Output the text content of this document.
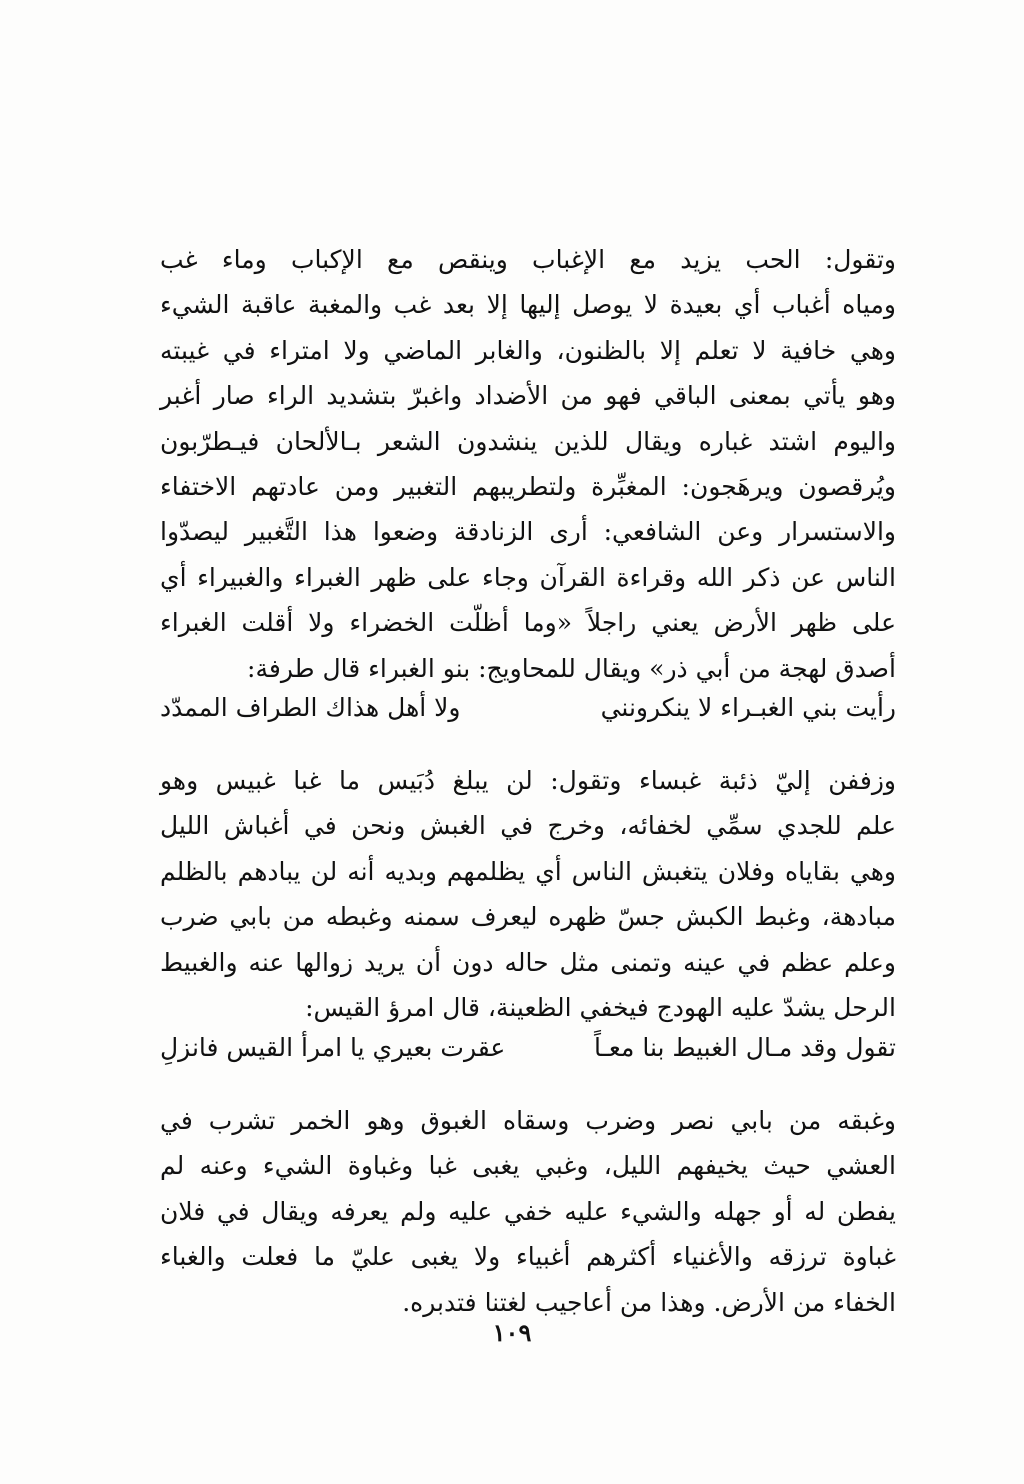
وتقول: الحب يزيد مع الإغباب وينقص مع الإكباب وماء غب
ومياه أغباب أي بعيدة لا يوصل إليها إلا بعد غب والمغبة عاقبة الشيء
وهي خافية لا تعلم إلا بالظنون، والغابر الماضي ولا امتراء في غيبته
وهو يأتي بمعنى الباقي فهو من الأضداد واغبرّ بتشديد الراء صار أغبر
واليوم اشتد غباره ويقال للذين ينشدون الشعر بـالألحان فيـطرّبون
ويُرقصون ويرهَجون: المغبِّرة ولتطريبهم التغبير ومن عادتهم الاختفاء
والاستسرار وعن الشافعي: أرى الزنادقة وضعوا هذا التَّغبير ليصدّوا
الناس عن ذكر الله وقراءة القرآن وجاء على ظهر الغبراء والغبيراء أي
على ظهر الأرض يعني راجلاً «وما أظلّت الخضراء ولا أقلت الغبراء
أصدق لهجة من أبي ذر» ويقال للمحاويج: بنو الغبراء قال طرفة:
رأيت بني الغبـراء لا ينكرونني
ولا أهل هذاك الطراف الممدّد
وزففن إليّ ذئبة غبساء وتقول: لن يبلغ دُبَيس ما غبا غبيس وهو
علم للجدي سمِّي لخفائه، وخرج في الغبش ونحن في أغباش الليل
وهي بقاياه وفلان يتغبش الناس أي يظلمهم وبديه أنه لن يبادهم بالظلم
مبادهة، وغبط الكبش جسّ ظهره ليعرف سمنه وغبطه من بابي ضرب
وعلم عظم في عينه وتمنى مثل حاله دون أن يريد زوالها عنه والغبيط
الرحل يشدّ عليه الهودج فيخفي الظعينة، قال امرؤ القيس:
تقول وقد مـال الغبيط بنا معـاً
عقرت بعيري يا امرأ القيس فانزلِ
وغبقه من بابي نصر وضرب وسقاه الغبوق وهو الخمر تشرب في
العشي حيث يخيفهم الليل، وغبي يغبى غبا وغباوة الشيء وعنه لم
يفطن له أو جهله والشيء عليه خفي عليه ولم يعرفه ويقال في فلان
غباوة ترزقه والأغنياء أكثرهم أغبياء ولا يغبى عليّ ما فعلت والغباء
الخفاء من الأرض. وهذا من أعاجيب لغتنا فتدبره.
١٠٩
